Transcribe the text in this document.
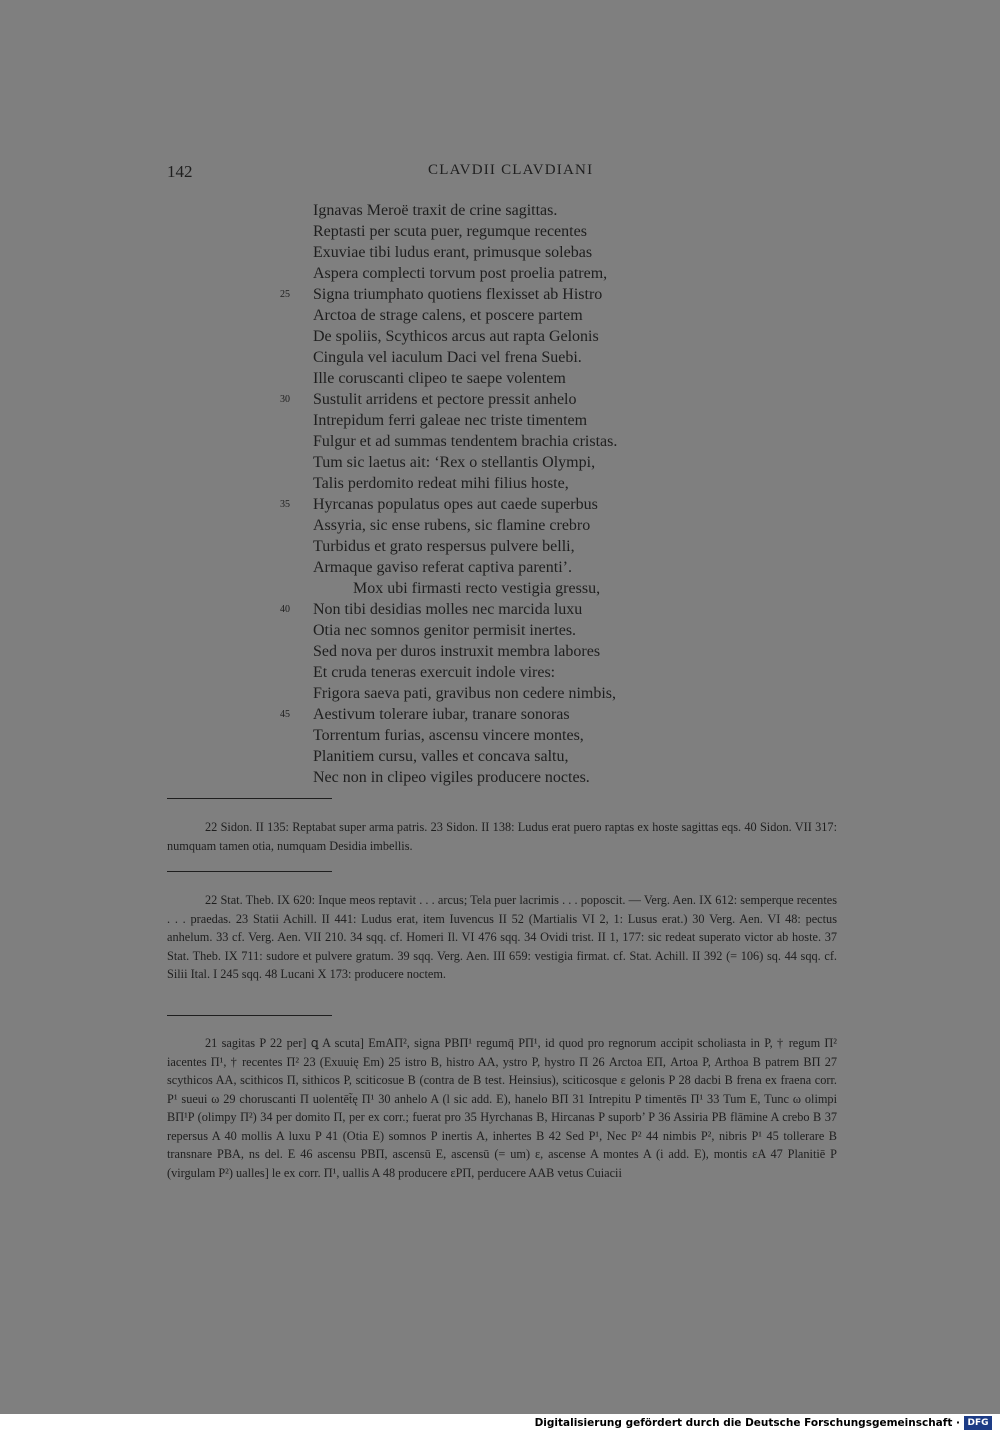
142	CLAVDII CLAVDIANI
Ignavas Meroë traxit de crine sagittas.
Reptasti per scuta puer, regumque recentes
Exuviae tibi ludus erant, primusque solebas
Aspera complecti torvum post proelia patrem,
25 Signa triumphato quotiens flexisset ab Histro
Arctoa de strage calens, et poscere partem
De spoliis, Scythicos arcus aut rapta Gelonis
Cingula vel iaculum Daci vel frena Suebi.
Ille coruscanti clipeo te saepe volentem
30 Sustulit arridens et pectore pressit anhelo
Intrepidum ferri galeae nec triste timentem
Fulgur et ad summas tendentem brachia cristas.
Tum sic laetus ait: ‘Rex o stellantis Olympi,
Talis perdomito redeat mihi filius hoste,
35 Hyrcanas populatus opes aut caede superbus
Assyria, sic ense rubens, sic flamine crebro
Turbidus et grato respersus pulvere belli,
Armaque gaviso referat captiva parenti’.
Mox ubi firmasti recto vestigia gressu,
40 Non tibi desidias molles nec marcida luxu
Otia nec somnos genitor permisit inertes.
Sed nova per duros instruxit membra labores
Et cruda teneras exercuit indole vires:
Frigora saeva pati, gravibus non cedere nimbis,
45 Aestivum tolerare iubar, tranare sonoras
Torrentum furias, ascensu vincere montes,
Planitiem cursu, valles et concava saltu,
Nec non in clipeo vigiles producere noctes.

22 Sidon. II 135: Reptabat super arma patris. 23 Sidon. II 138: Ludus erat puero raptas ex hoste sagittas eqs. 40 Sidon. VII 317: numquam tamen otia, numquam Desidia imbellis.

22 Stat. Theb. IX 620: Inque meos reptavit . . . arcus; Tela puer lacrimis . . . poposcit. — Verg. Aen. IX 612: semperque recentes . . . praedas. 23 Statii Achill. II 441: Ludus erat, item Iuvencus II 52 (Martialis VI 2, 1: Lusus erat.) 30 Verg. Aen. VI 48: pectus anhelum. 33 cf. Verg. Aen. VII 210. 34 sqq. cf. Homeri Il. VI 476 sqq. 34 Ovidi trist. II 1, 177: sic redeat superato victor ab hoste. 37 Stat. Theb. IX 711: sudore et pulvere gratum. 39 sqq. Verg. Aen. III 659: vestigia firmat. cf. Stat. Achill. II 392 (= 106) sq. 44 sqq. cf. Silii Ital. I 245 sqq. 48 Lucani X 173: producere noctem.

21 sagitas P 22 per] ꝗ A scuta] EmAΠ², signa PBΠ¹ regumq̄ PΠ¹, id quod pro regnorum accipit scholiasta in P, † regum Π² iacentes Π¹, † recentes Π² 23 (Exuuię Em) 25 istro B, histro AA, ystro P, hystro Π 26 Arctoa EΠ, Artoa P, Arthoa B patrem BΠ 27 scythicos AA, scithicos Π, sithicos P, sciticosue B (contra de B test. Heinsius), sciticosque ε gelonis P 28 dacbi B frena ex fraena corr. P¹ sueui ω 29 choruscanti Π uolentēt̃ę Π¹ 30 anhelo A (l sic add. E), hanelo BΠ 31 Intrepitu P timentēs Π¹ 33 Tum E, Tunc ω olimpi BΠ¹P (olimpy Π²) 34 per domito Π, per ex corr.; fuerat pro 35 Hyrchanas B, Hircanas P suporb’ P 36 Assiria PB flāmine A crebo B 37 repersus A 40 mollis A luxu P 41 (Otia E) somnos P inertis A, inhertes B 42 Sed P¹, Nec P² 44 nimbis P², nibris P¹ 45 tollerare B transnare PBA, ns del. E 46 ascensu PBΠ, ascensū E, ascensū (= um) ε, ascense A montes A (i add. E), montis εA 47 Planitiē P (virgulam P²) ualles] le ex corr. Π¹, uallis A 48 producere εPΠ, perducere AAB vetus Cuiacii

Digitalisierung gefördert durch die Deutsche Forschungsgemeinschaft · DFG
